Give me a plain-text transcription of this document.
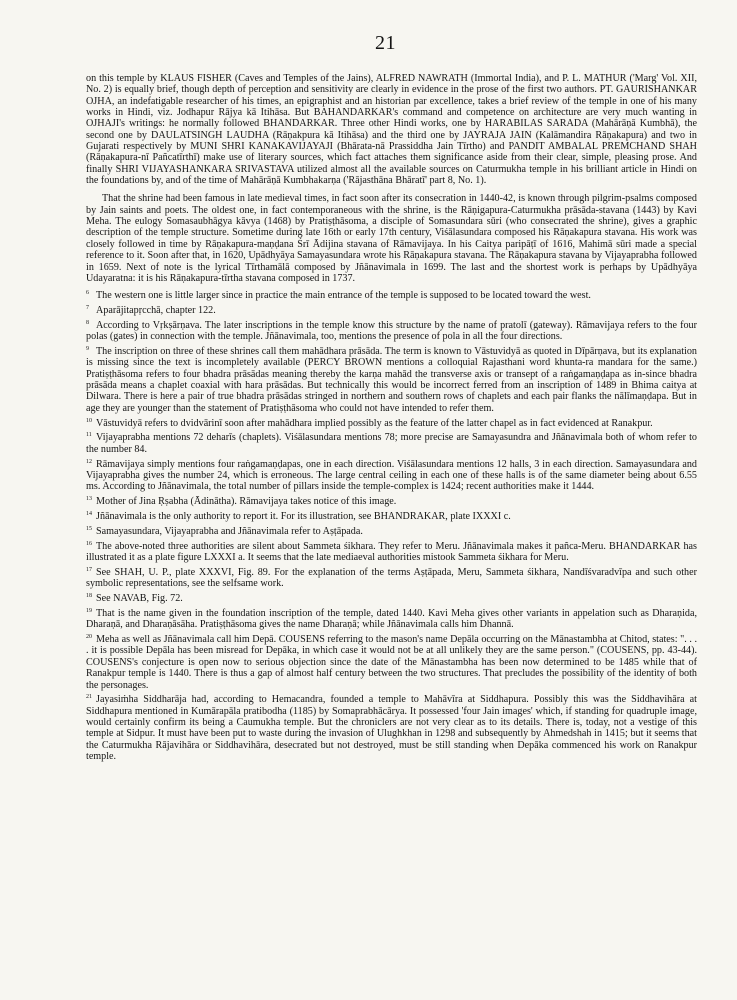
21

on this temple by KLAUS FISHER (Caves and Temples of the Jains), ALFRED NAWRATH (Immortal India), and P. L. MATHUR ('Marg' Vol. XII, No. 2) is equally brief, though depth of perception and sensitivity are clearly in evidence in the prose of the first two authors. PT. GAURISHANKAR OJHA, an indefatigable researcher of his times, an epigraphist and an historian par excellence, takes a brief review of the temple in one of his many works in Hindi, viz. Jodhapur Rājya kā Itihāsa. But BAHANDARKAR's command and competence on architecture are very much wanting in OJHAJI's writings: he normally followed BHANDARKAR. Three other Hindi works, one by HARABILAS SARADA (Mahārāṇā Kumbhā), the second one by DAULATSINGH LAUDHA (Rāṇakpura kā Itihāsa) and the third one by JAYRAJA JAIN (Kalāmandira Rāṇakapura) and two in Gujarati respectively by MUNI SHRI KANAKAVIJAYAJI (Bhārata-nā Prassiddha Jain Tīrtho) and PANDIT AMBALAL PREMCHAND SHAH (Rāṇakapura-nī Pañcatīrthī) make use of literary sources, which fact attaches them significance aside from their clear, simple, pleasing prose. And finally SHRI VIJAYASHANKARA SRIVASTAVA utilized almost all the available sources on Caturmukha temple in his brilliant article in Hindi on the foundations by, and of the time of Mahārāṇā Kumbhakarṇa ('Rājasthāna Bhāratī' part 8, No. 1).

That the shrine had been famous in late medieval times, in fact soon after its consecration in 1440-42, is known through pilgrim-psalms composed by Jain saints and poets. The oldest one, in fact contemporaneous with the shrine, is the Rāṇigapura-Caturmukha prāsāda-stavana (1443) by Kavi Meha. The eulogy Somasaubhāgya kāvya (1468) by Pratiṣṭhāsoma, a disciple of Somasundara sūri (who consecrated the shrine), gives a graphic description of the temple structure. Sometime during late 16th or early 17th century, Viśālasundara composed his Rāṇakapura stavana. His work was closely followed in time by Rāṇakapura-maṇḍana Śrī Ādijina stavana of Rāmavijaya. In his Caitya paripāṭī of 1616, Mahimā sūri made a special reference to it. Soon after that, in 1620, Upādhyāya Samayasundara wrote his Rāṇakapura stavana. The Rāṇakapura stavana by Vijayaprabha followed in 1659. Next of note is the lyrical Tīrthamālā composed by Jñānavimala in 1699. The last and the shortest work is perhaps by Upādhyāya Udayaratna: it is his Rāṇakapura-tīrtha stavana composed in 1737.

6 The western one is little larger since in practice the main entrance of the temple is supposed to be located toward the west.

7 Aparājitapṛcchā, chapter 122.

8 According to Vṛkṣārṇava. The later inscriptions in the temple know this structure by the name of pratolī (gateway). Rāmavijaya refers to the four polas (gates) in connection with the temple. Jñānavimala, too, mentions the presence of pola in all the four directions.

9 The inscription on three of these shrines call them mahādhara prāsāda. The term is known to Vāstuvidyā as quoted in Dīpārṇava, but its explanation is missing since the text is incompletely available (PERCY BROWN mentions a colloquial Rajasthani word khunta-ra mandara for the same.) Pratiṣṭhāsoma refers to four bhadra prāsādas meaning thereby the karṇa mahād the transverse axis or transept of a raṅgamaṇḍapa as in-since bhadra prāsāda means a chaplet coaxial with hara prāsādas. But technically this would be incorrect ferred from an inscription of 1489 in Bhima caitya at Dilwara. There is here a pair of true bhadra prāsādas stringed in northern and southern rows of chaplets and each pair flanks the nālīmaṇḍapa. But in age they are younger than the statement of Pratiṣṭhāsoma who could not have intended to refer them.

10 Vāstuvidyā refers to dvidvārinī soon after mahādhara implied possibly as the feature of the latter chapel as in fact evidenced at Ranakpur.

11 Vijayaprabha mentions 72 deharīs (chaplets). Viśālasundara mentions 78; more precise are Samayasundra and Jñānavimala both of whom refer to the number 84.

12 Rāmavijaya simply mentions four raṅgamaṇḍapas, one in each direction. Viśālasundara mentions 12 halls, 3 in each direction. Samayasundara and Vijayaprabha gives the number 24, which is erroneous. The large central ceiling in each one of these halls is of the same diameter being about 6.55 ms. According to Jñānavimala, the total number of pillars inside the temple-complex is 1424; recent authorities make it 1444.

13 Mother of Jina Ṛṣabha (Ādinātha). Rāmavijaya takes notice of this image.

14 Jñānavimala is the only authority to report it. For its illustration, see BHANDRAKAR, plate IXXXI c.

15 Samayasundara, Vijayaprabha and Jñānavimala refer to Aṣṭāpada.

16 The above-noted three authorities are silent about Sammeta śikhara. They refer to Meru. Jñānavimala makes it pañca-Meru. BHANDARKAR has illustrated it as a plate figure LXXXI a. It seems that the late mediaeval authorities mistook Sammeta śikhara for Meru.

17 See SHAH, U. P., plate XXXVI, Fig. 89. For the explanation of the terms Aṣṭāpada, Meru, Sammeta śikhara, Nandīśvaradvīpa and such other symbolic representations, see the selfsame work.

18 See NAVAB, Fig. 72.

19 That is the name given in the foundation inscription of the temple, dated 1440. Kavi Meha gives other variants in appelation such as Dharaṇida, Dharaṇā, and Dharaṇāsāha. Pratiṣṭhāsoma gives the name Dharaṇā; while Jñānavimala calls him Dhannā.

20 Meha as well as Jñānavimala call him Depā. COUSENS referring to the mason's name Depāla occurring on the Mānastambha at Chitod, states: ". . . . it is possible Depāla has been misread for Depāka, in which case it would not be at all unlikely they are the same person." (COUSENS, pp. 43-44). COUSENS's conjecture is open now to serious objection since the date of the Mānastambha has been now determined to be 1485 while that of Ranakpur temple is 1440. There is thus a gap of almost half century between the two structures. That precludes the possibility of the identity of both the personages.

21 Jayasiṁha Siddharāja had, according to Hemacandra, founded a temple to Mahāvīra at Siddhapura. Possibly this was the Siddhavihāra at Siddhapura mentioned in Kumārapāla pratibodha (1185) by Somaprabhācārya. It possessed 'four Jain images' which, if standing for quadruple image, would certainly confirm its being a Caumukha temple. But the chroniclers are not very clear as to its details. There is, today, not a vestige of this temple at Sidpur. It must have been put to waste during the invasion of Ulughkhan in 1298 and subsequently by Ahmedshah in 1415; but it seems that the Caturmukha Rājavihāra or Siddhavihāra, desecrated but not destroyed, must be still standing when Depāka commenced his work on Ranakpur temple.
